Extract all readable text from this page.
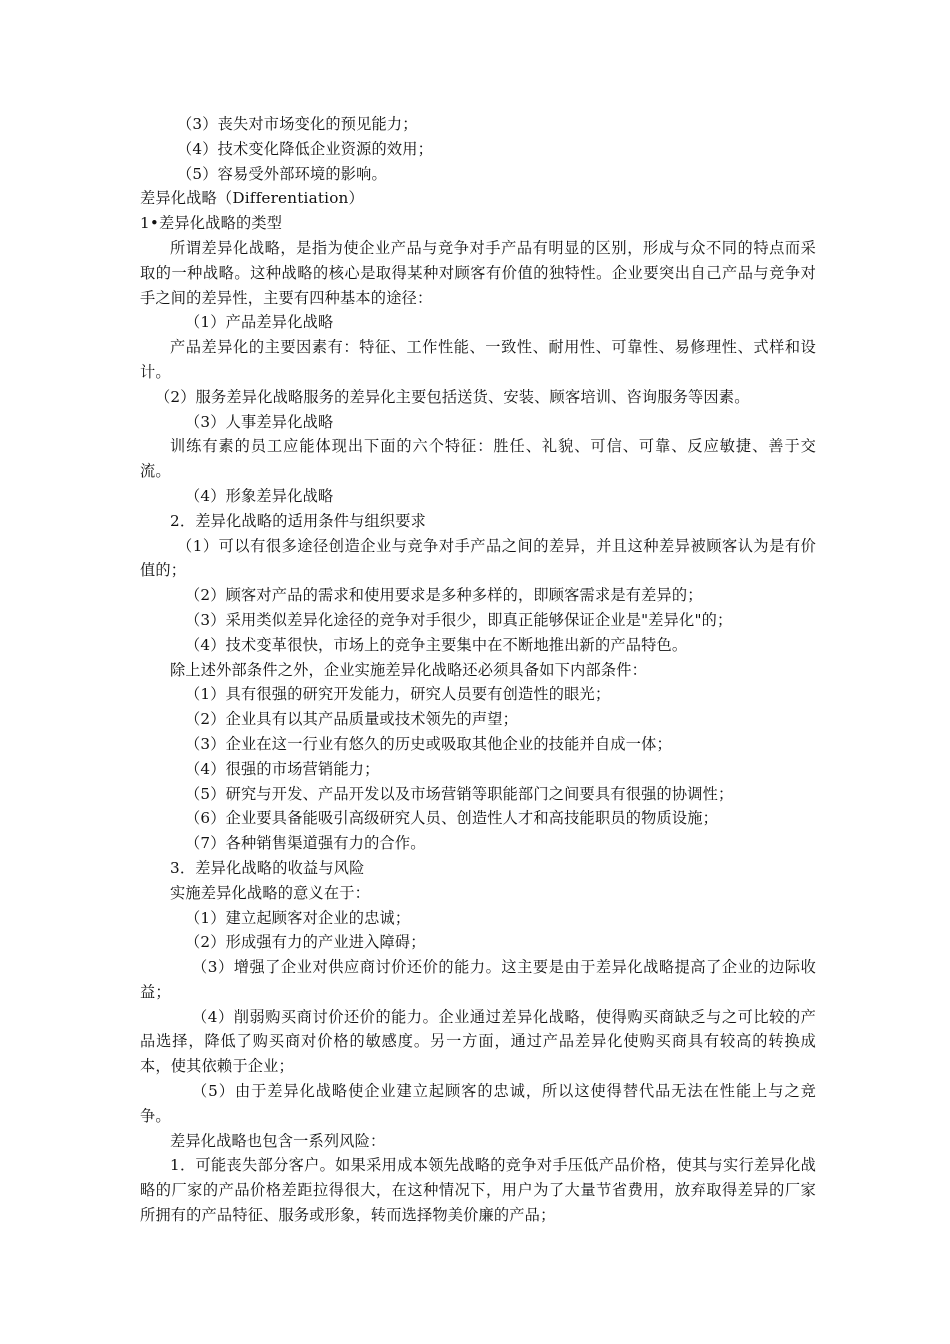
（3）丧失对市场变化的预见能力；

（4）技术变化降低企业资源的效用；

（5）容易受外部环境的影响。

差异化战略（Differentiation）

1•差异化战略的类型

所谓差异化战略，是指为使企业产品与竞争对手产品有明显的区别，形成与众不同的特点而采取的一种战略。这种战略的核心是取得某种对顾客有价值的独特性。企业要突出自己产品与竞争对手之间的差异性，主要有四种基本的途径：

（1）产品差异化战略

产品差异化的主要因素有：特征、工作性能、一致性、耐用性、可靠性、易修理性、式样和设计。

（2）服务差异化战略服务的差异化主要包括送货、安装、顾客培训、咨询服务等因素。

（3）人事差异化战略

训练有素的员工应能体现出下面的六个特征：胜任、礼貌、可信、可靠、反应敏捷、善于交流。

（4）形象差异化战略

2．差异化战略的适用条件与组织要求

（1）可以有很多途径创造企业与竞争对手产品之间的差异，并且这种差异被顾客认为是有价值的；

（2）顾客对产品的需求和使用要求是多种多样的，即顾客需求是有差异的；

（3）采用类似差异化途径的竞争对手很少，即真正能够保证企业是"差异化"的；

（4）技术变革很快，市场上的竞争主要集中在不断地推出新的产品特色。

除上述外部条件之外，企业实施差异化战略还必须具备如下内部条件：

（1）具有很强的研究开发能力，研究人员要有创造性的眼光；

（2）企业具有以其产品质量或技术领先的声望；

（3）企业在这一行业有悠久的历史或吸取其他企业的技能并自成一体；

（4）很强的市场营销能力；

（5）研究与开发、产品开发以及市场营销等职能部门之间要具有很强的协调性；

（6）企业要具备能吸引高级研究人员、创造性人才和高技能职员的物质设施；

（7）各种销售渠道强有力的合作。

3．差异化战略的收益与风险

实施差异化战略的意义在于：

（1）建立起顾客对企业的忠诚；

（2）形成强有力的产业进入障碍；

（3）增强了企业对供应商讨价还价的能力。这主要是由于差异化战略提高了企业的边际收益；

（4）削弱购买商讨价还价的能力。企业通过差异化战略，使得购买商缺乏与之可比较的产品选择，降低了购买商对价格的敏感度。另一方面，通过产品差异化使购买商具有较高的转换成本，使其依赖于企业；

（5）由于差异化战略使企业建立起顾客的忠诚，所以这使得替代品无法在性能上与之竞争。

差异化战略也包含一系列风险：

1．可能丧失部分客户。如果采用成本领先战略的竞争对手压低产品价格，使其与实行差异化战略的厂家的产品价格差距拉得很大，在这种情况下，用户为了大量节省费用，放弃取得差异的厂家所拥有的产品特征、服务或形象，转而选择物美价廉的产品；
